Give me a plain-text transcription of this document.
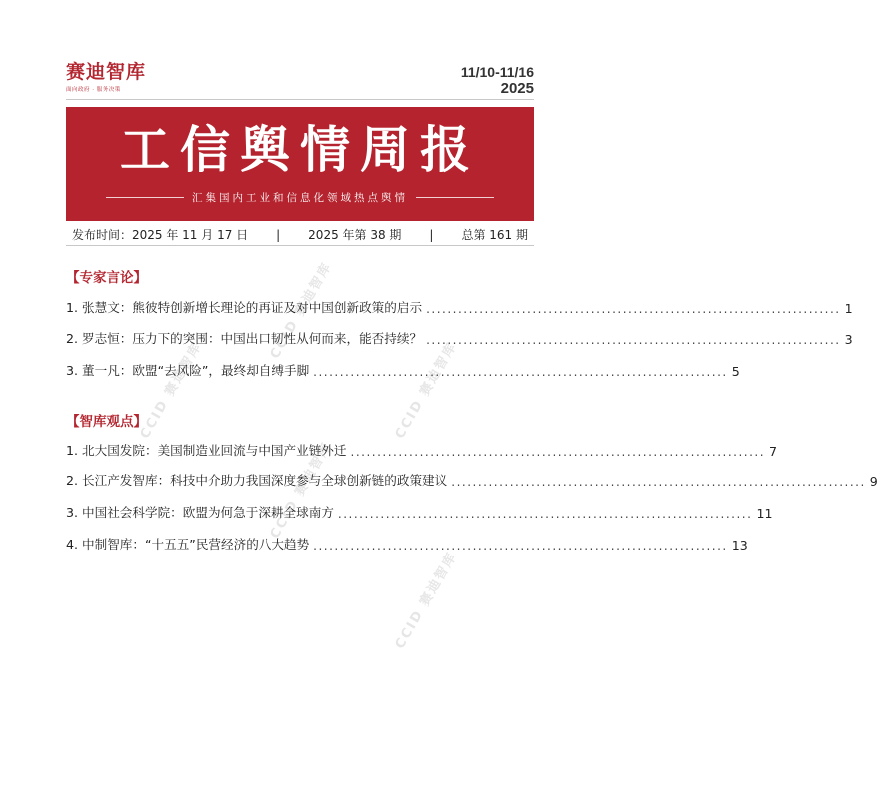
CCID 赛迪智库
CCID 赛迪智库	CCID 赛迪智库
CCID 赛迪智库
CCID 赛迪智库
赛迪智库
面向政府 · 服务决策
11/10-11/16
2025
工信舆情周报
汇集国内工业和信息化领域热点舆情
发布时间：2025 年 11 月 17 日 | 2025 年第 38 期 | 总第 161 期
【专家言论】
1. 张慧文：熊彼特创新增长理论的再证及对中国创新政策的启示 .............................................................................. 1
2. 罗志恒：压力下的突围：中国出口韧性从何而来，能否持续？ .............................................................................. 3
3. 董一凡：欧盟“去风险”，最终却自缚手脚 .............................................................................. 5
【智库观点】
1. 北大国发院：美国制造业回流与中国产业链外迁 .............................................................................. 7
2. 长江产发智库：科技中介助力我国深度参与全球创新链的政策建议 .............................................................................. 9
3. 中国社会科学院：欧盟为何急于深耕全球南方 .............................................................................. 11
4. 中制智库：“十五五”民营经济的八大趋势 .............................................................................. 13
